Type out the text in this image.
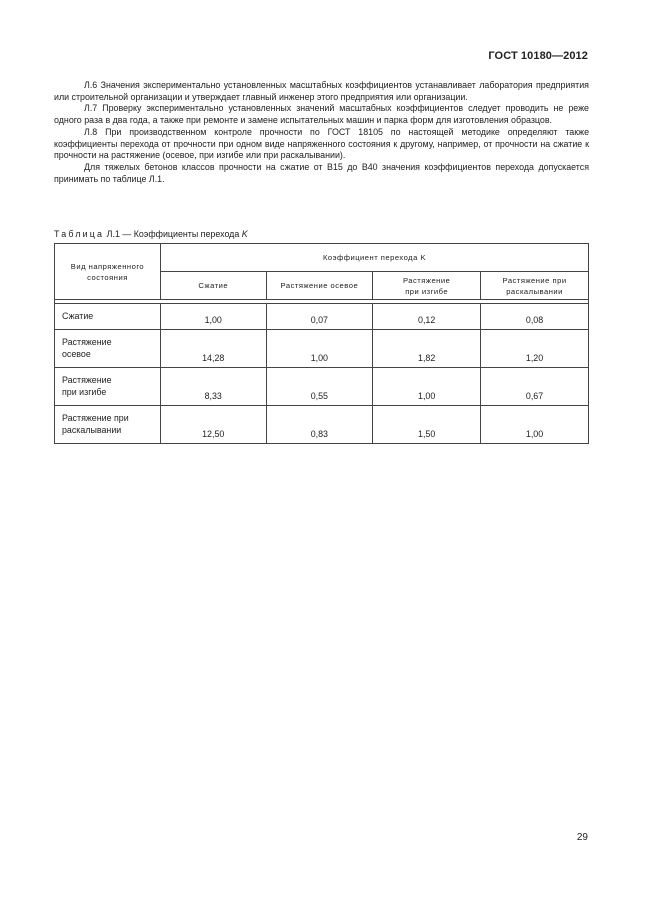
ГОСТ 10180—2012

Л.6 Значения экспериментально установленных масштабных коэффициентов устанавливает лаборатория предприятия или строительной организации и утверждает главный инженер этого предприятия или организации.

Л.7 Проверку экспериментально установленных значений масштабных коэффициентов следует проводить не реже одного раза в два года, а также при ремонте и замене испытательных машин и парка форм для изготовления образцов.

Л.8 При производственном контроле прочности по ГОСТ 18105 по настоящей методике определяют также коэффициенты перехода от прочности при одном виде напряженного состояния к другому, например, от прочности на сжатие к прочности на растяжение (осевое, при изгибе или при раскалывании).

Для тяжелых бетонов классов прочности на сжатие от В15 до В40 значения коэффициентов перехода допускается принимать по таблице Л.1.

Таблица Л.1 — Коэффициенты перехода K
Вид напряженного состояния	Коэффициент перехода K			
	Сжатие	Растяжение осевое	Растяжение при изгибе	Растяжение при раскалывании

Сжатие	1,00	0,07	0,12	0,08
Растяжение осевое	14,28	1,00	1,82	1,20
Растяжение при изгибе	8,33	0,55	1,00	0,67
Растяжение при раскалывании	12,50	0,83	1,50	1,00
29
